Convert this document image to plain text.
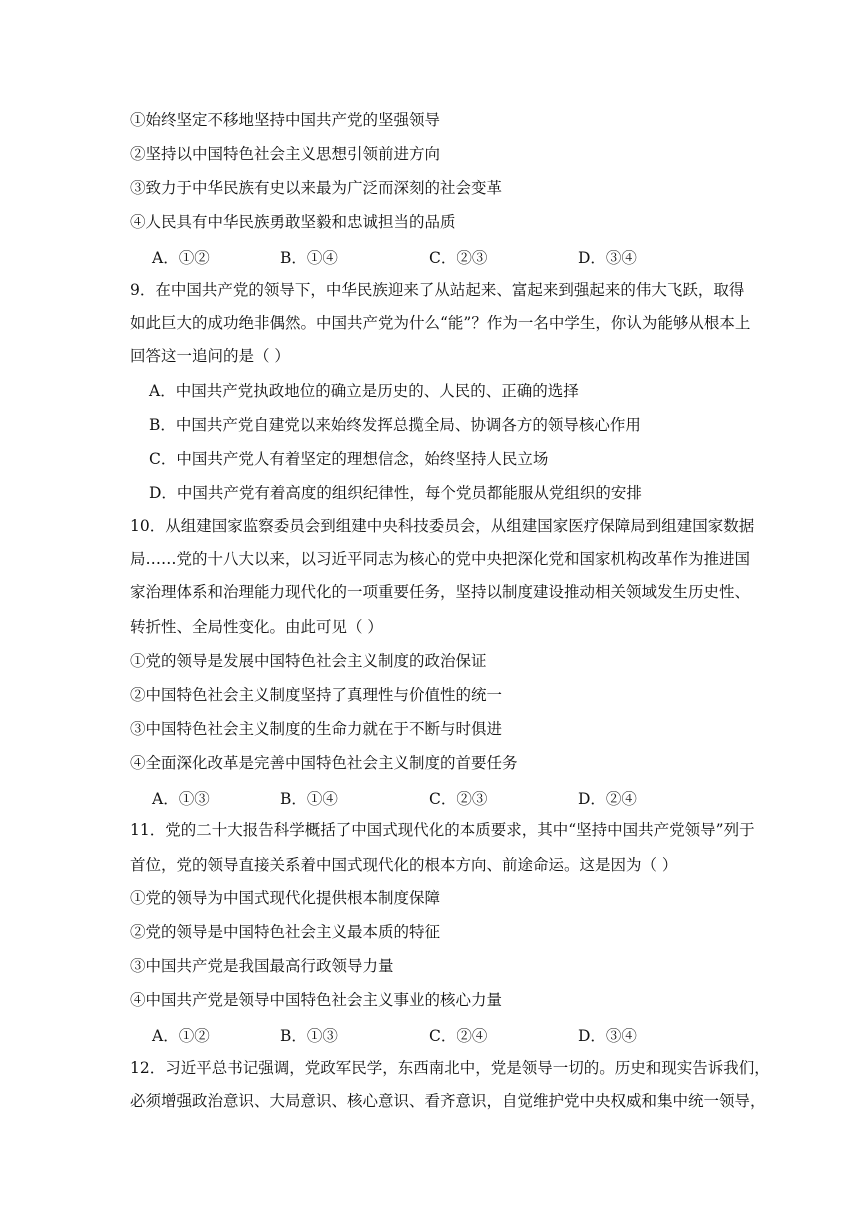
①始终坚定不移地坚持中国共产党的坚强领导
②坚持以中国特色社会主义思想引领前进方向
③致力于中华民族有史以来最为广泛而深刻的社会变革
④人民具有中华民族勇敢坚毅和忠诚担当的品质
A．①②	B．①④	C．②③	D．③④
9．在中国共产党的领导下，中华民族迎来了从站起来、富起来到强起来的伟大飞跃，取得
如此巨大的成功绝非偶然。中国共产党为什么“能”？作为一名中学生，你认为能够从根本上
回答这一追问的是（ ）
A．中国共产党执政地位的确立是历史的、人民的、正确的选择
B．中国共产党自建党以来始终发挥总揽全局、协调各方的领导核心作用
C．中国共产党人有着坚定的理想信念，始终坚持人民立场
D．中国共产党有着高度的组织纪律性，每个党员都能服从党组织的安排
10．从组建国家监察委员会到组建中央科技委员会，从组建国家医疗保障局到组建国家数据
局……党的十八大以来，以习近平同志为核心的党中央把深化党和国家机构改革作为推进国
家治理体系和治理能力现代化的一项重要任务，坚持以制度建设推动相关领域发生历史性、
转折性、全局性变化。由此可见（ ）
①党的领导是发展中国特色社会主义制度的政治保证
②中国特色社会主义制度坚持了真理性与价值性的统一
③中国特色社会主义制度的生命力就在于不断与时俱进
④全面深化改革是完善中国特色社会主义制度的首要任务
A．①③	B．①④	C．②③	D．②④
11．党的二十大报告科学概括了中国式现代化的本质要求，其中“坚持中国共产党领导”列于
首位，党的领导直接关系着中国式现代化的根本方向、前途命运。这是因为（ ）
①党的领导为中国式现代化提供根本制度保障
②党的领导是中国特色社会主义最本质的特征
③中国共产党是我国最高行政领导力量
④中国共产党是领导中国特色社会主义事业的核心力量
A．①②	B．①③	C．②④	D．③④
12．习近平总书记强调，党政军民学，东西南北中，党是领导一切的。历史和现实告诉我们，
必须增强政治意识、大局意识、核心意识、看齐意识，自觉维护党中央权威和集中统一领导，
